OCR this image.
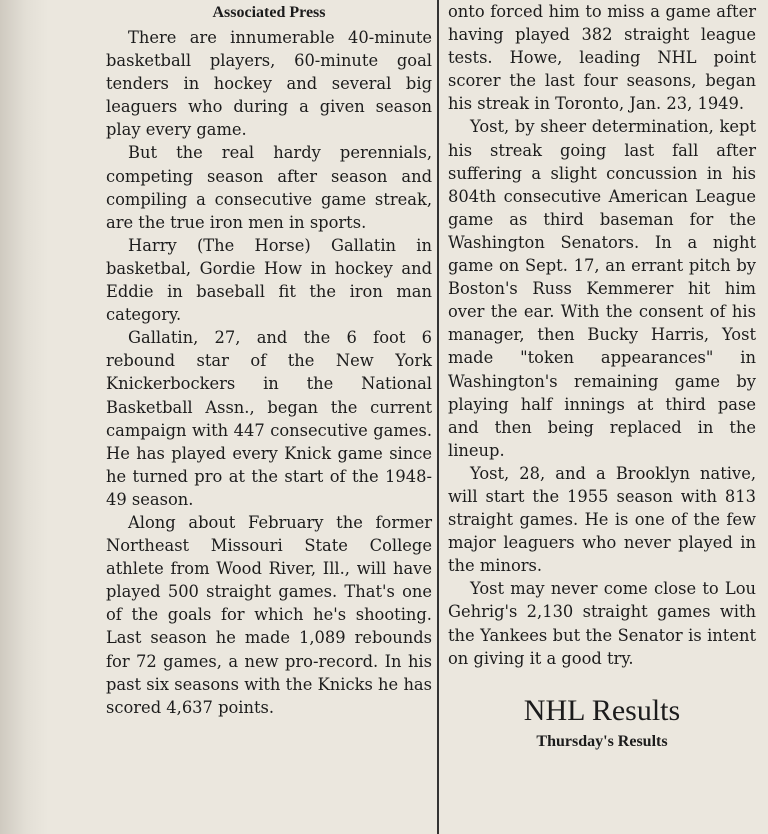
Associated Press

There are innumerable 40-minute basketball players, 60-minute goal tenders in hockey and several big leaguers who during a given season play every game.

But the real hardy perennials, competing season after season and compiling a consecutive game streak, are the true iron men in sports.

Harry (The Horse) Gallatin in basketbal, Gordie How in hockey and Eddie in baseball fit the iron man category.

Gallatin, 27, and the 6 foot 6 rebound star of the New York Knickerbockers in the National Basketball Assn., began the current campaign with 447 consecutive games. He has played every Knick game since he turned pro at the start of the 1948-49 season.

Along about February the former Northeast Missouri State College athlete from Wood River, Ill., will have played 500 straight games. That's one of the goals for which he's shooting. Last season he made 1,089 rebounds for 72 games, a new pro-record. In his past six seasons with the Knicks he has scored 4,637 points.

onto forced him to miss a game after having played 382 straight league tests. Howe, leading NHL point scorer the last four seasons, began his streak in Toronto, Jan. 23, 1949.

Yost, by sheer determination, kept his streak going last fall after suffering a slight concussion in his 804th consecutive American League game as third baseman for the Washington Senators. In a night game on Sept. 17, an errant pitch by Boston's Russ Kemmerer hit him over the ear. With the consent of his manager, then Bucky Harris, Yost made "token appearances" in Washington's remaining game by playing half innings at third pase and then being replaced in the lineup.

Yost, 28, and a Brooklyn native, will start the 1955 season with 813 straight games. He is one of the few major leaguers who never played in the minors.

Yost may never come close to Lou Gehrig's 2,130 straight games with the Yankees but the Senator is intent on giving it a good try.

NHL Results
Thursday's Results
